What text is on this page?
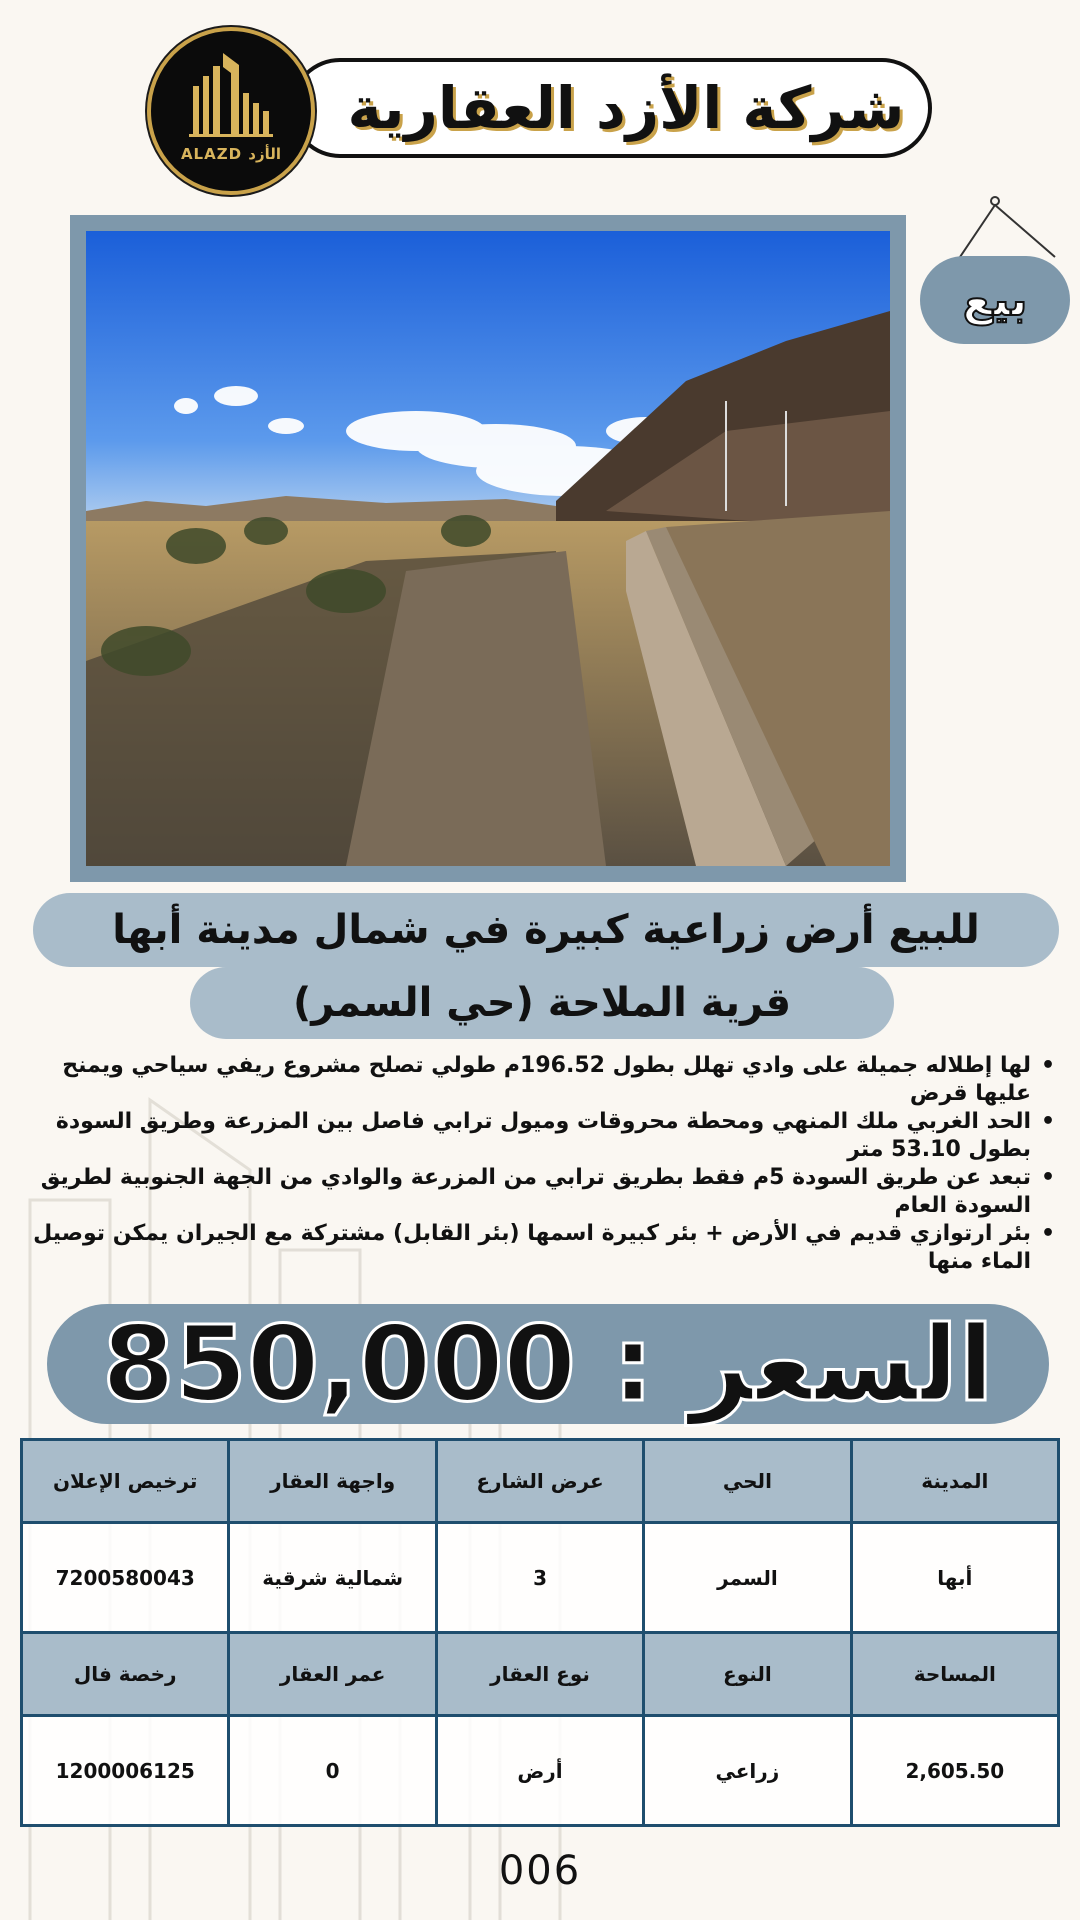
شركة الأزد العقارية
ALAZD الأزد
بيع
للبيع أرض زراعية كبيرة في شمال مدينة أبها
قرية الملاحة (حي السمر)
• لها إطلاله جميلة على وادي تهلل بطول 196.52م طولي تصلح مشروع ريفي سياحي ويمنح عليها قرض
• الحد الغربي ملك المنهي ومحطة محروقات وميول ترابي فاصل بين المزرعة وطريق السودة بطول 53.10 متر
• تبعد عن طريق السودة 5م فقط بطريق ترابي من المزرعة والوادي من الجهة الجنوبية لطريق السودة العام
• بئر ارتوازي قديم في الأرض + بئر كبيرة اسمها (بئر القابل) مشتركة مع الجيران يمكن توصيل الماء منها
السعر : 850,000
المدينة	الحي	عرض الشارع	واجهة العقار	ترخيص الإعلان
أبها	السمر	3	شمالية شرقية	7200580043
المساحة	النوع	نوع العقار	عمر العقار	رخصة فال
2,605.50	زراعي	أرض	0	1200006125
006
